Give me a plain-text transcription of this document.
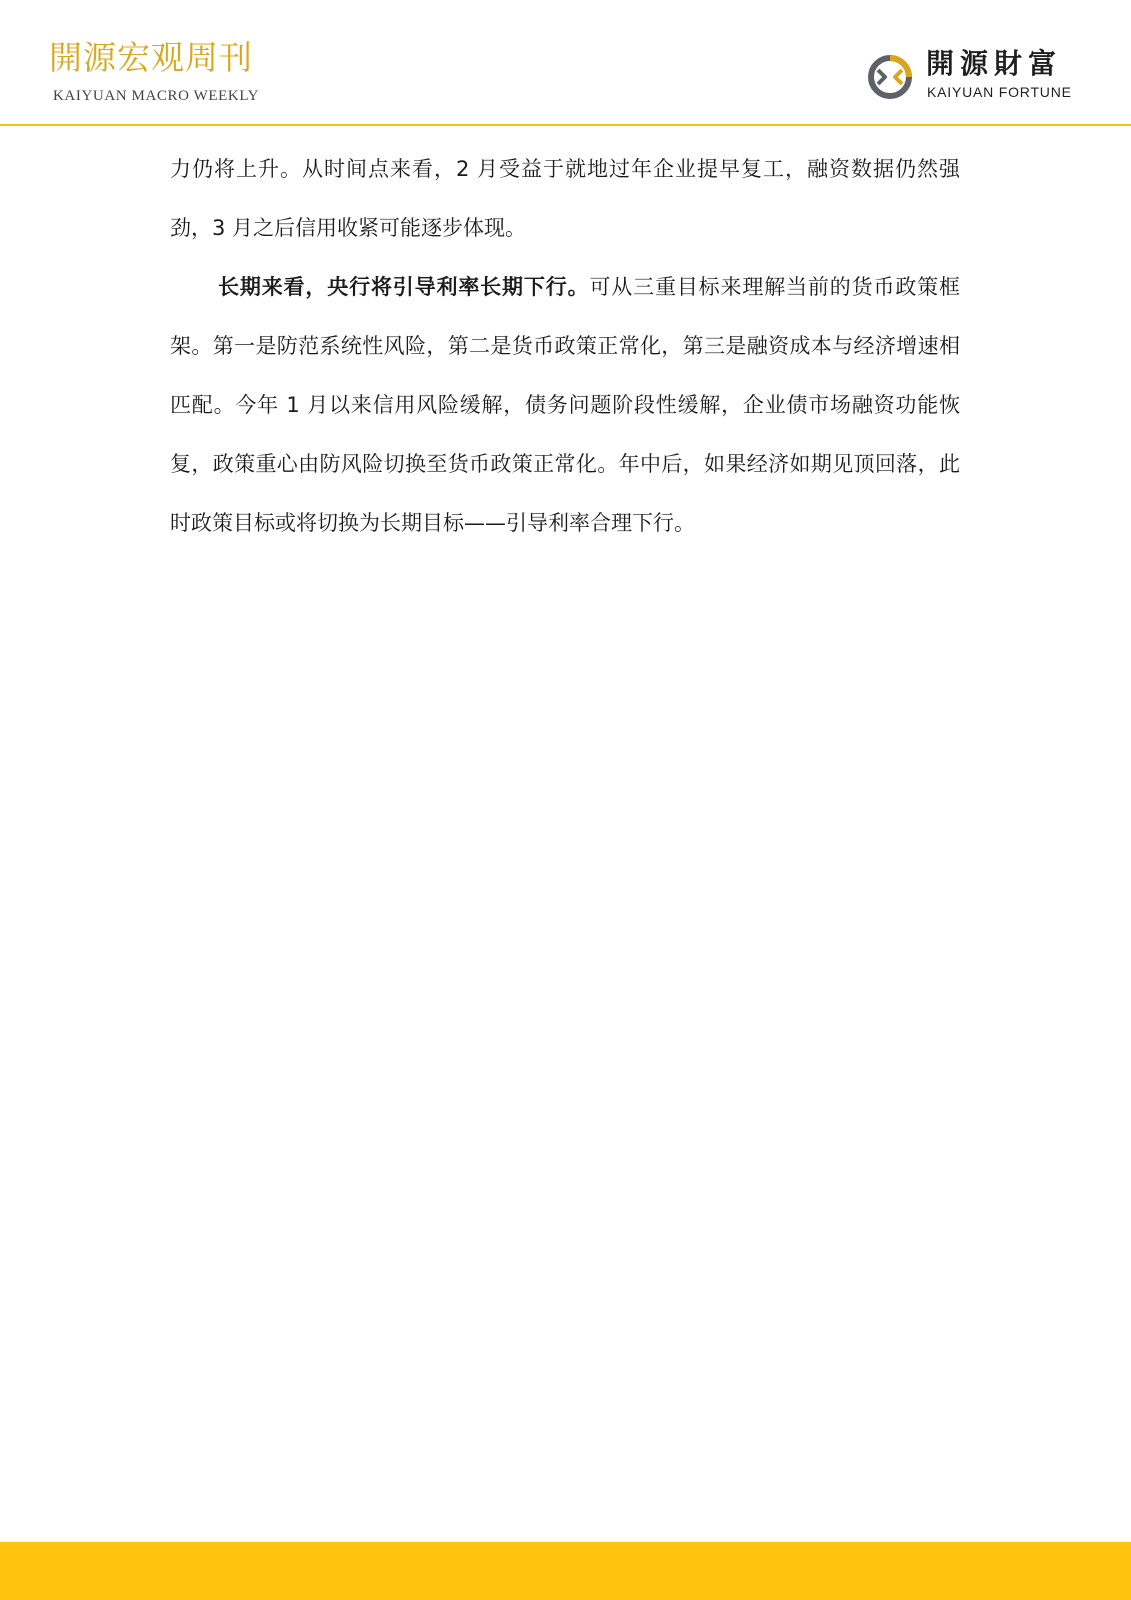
開源宏观周刊
KAIYUAN MACRO WEEKLY
開源財富
KAIYUAN FORTUNE

力仍将上升。从时间点来看，2 月受益于就地过年企业提早复工，融资数据仍然强劲，3 月之后信用收紧可能逐步体现。

长期来看，央行将引导利率长期下行。可从三重目标来理解当前的货币政策框架。第一是防范系统性风险，第二是货币政策正常化，第三是融资成本与经济增速相匹配。今年 1 月以来信用风险缓解，债务问题阶段性缓解，企业债市场融资功能恢复，政策重心由防风险切换至货币政策正常化。年中后，如果经济如期见顶回落，此时政策目标或将切换为长期目标——引导利率合理下行。
